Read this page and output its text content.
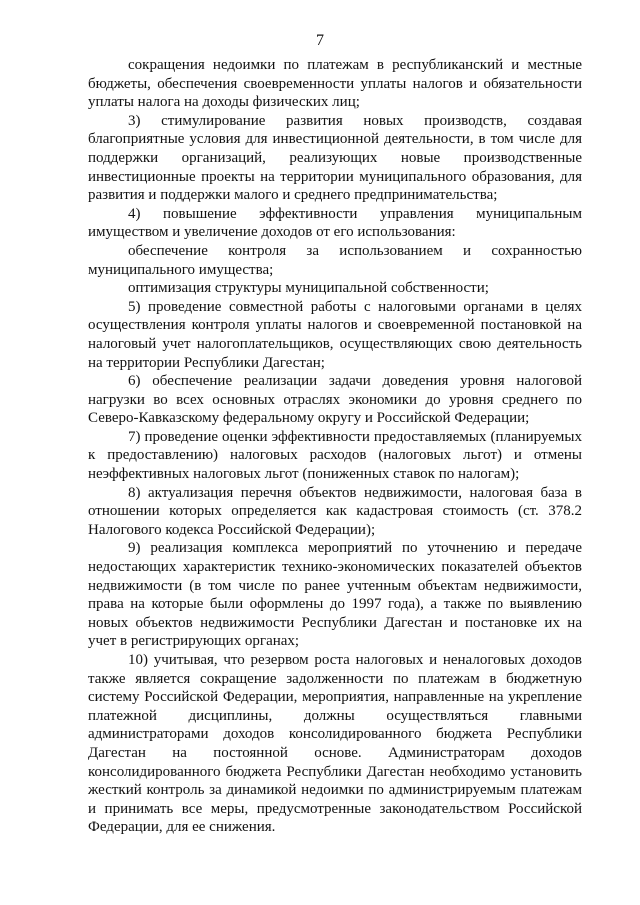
7

сокращения недоимки по платежам в республиканский и местные бюджеты, обеспечения своевременности уплаты налогов и обязательности уплаты налога на доходы физических лиц;

3) стимулирование развития новых производств, создавая благоприятные условия для инвестиционной деятельности, в том числе для поддержки организаций, реализующих новые производственные инвестиционные проекты на территории муниципального образования, для развития и поддержки малого и среднего предпринимательства;

4) повышение эффективности управления муниципальным имуществом и увеличение доходов от его использования:

обеспечение контроля за использованием и сохранностью муниципального имущества;

оптимизация структуры муниципальной собственности;

5) проведение совместной работы с налоговыми органами в целях осуществления контроля уплаты налогов и своевременной постановкой на налоговый учет налогоплательщиков, осуществляющих свою деятельность на территории Республики Дагестан;

6) обеспечение реализации задачи доведения уровня налоговой нагрузки во всех основных отраслях экономики до уровня среднего по Северо-Кавказскому федеральному округу и Российской Федерации;

7) проведение оценки эффективности предоставляемых (планируемых к предоставлению) налоговых расходов (налоговых льгот) и отмены неэффективных налоговых льгот (пониженных ставок по налогам);

8) актуализация перечня объектов недвижимости, налоговая база в отношении которых определяется как кадастровая стоимость (ст. 378.2 Налогового кодекса Российской Федерации);

9) реализация комплекса мероприятий по уточнению и передаче недостающих характеристик технико-экономических показателей объектов недвижимости (в том числе по ранее учтенным объектам недвижимости, права на которые были оформлены до 1997 года), а также по выявлению новых объектов недвижимости Республики Дагестан и постановке их на учет в регистрирующих органах;

10) учитывая, что резервом роста налоговых и неналоговых доходов также является сокращение задолженности по платежам в бюджетную систему Российской Федерации, мероприятия, направленные на укрепление платежной дисциплины, должны осуществляться главными администраторами доходов консолидированного бюджета Республики Дагестан на постоянной основе. Администраторам доходов консолидированного бюджета Республики Дагестан необходимо установить жесткий контроль за динамикой недоимки по администрируемым платежам и принимать все меры, предусмотренные законодательством Российской Федерации, для ее снижения.
